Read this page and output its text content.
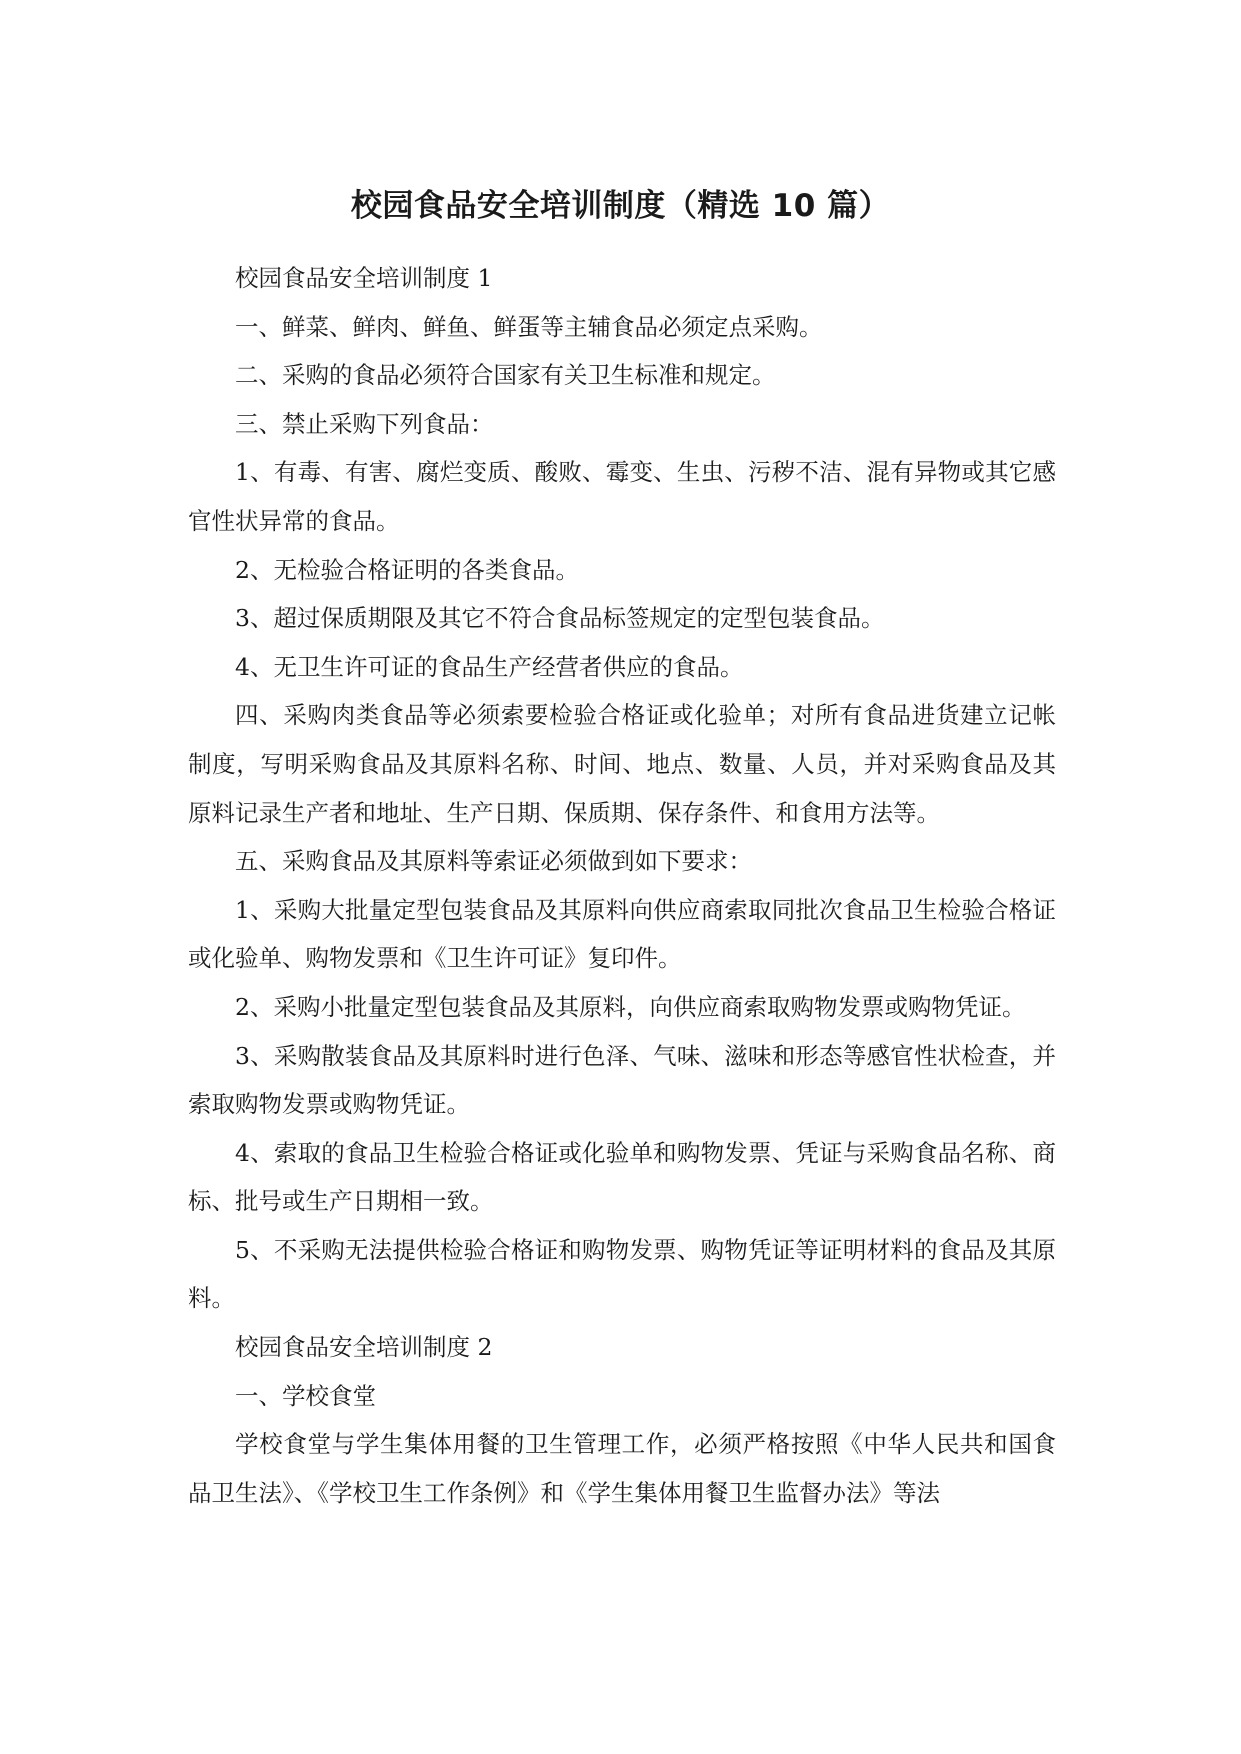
校园食品安全培训制度（精选 10 篇）

校园食品安全培训制度 1

一、鲜菜、鲜肉、鲜鱼、鲜蛋等主辅食品必须定点采购。

二、采购的食品必须符合国家有关卫生标准和规定。

三、禁止采购下列食品：

1、有毒、有害、腐烂变质、酸败、霉变、生虫、污秽不洁、混有异物或其它感官性状异常的食品。

2、无检验合格证明的各类食品。

3、超过保质期限及其它不符合食品标签规定的定型包装食品。

4、无卫生许可证的食品生产经营者供应的食品。

四、采购肉类食品等必须索要检验合格证或化验单；对所有食品进货建立记帐制度，写明采购食品及其原料名称、时间、地点、数量、人员，并对采购食品及其原料记录生产者和地址、生产日期、保质期、保存条件、和食用方法等。

五、采购食品及其原料等索证必须做到如下要求：

1、采购大批量定型包装食品及其原料向供应商索取同批次食品卫生检验合格证或化验单、购物发票和《卫生许可证》复印件。

2、采购小批量定型包装食品及其原料，向供应商索取购物发票或购物凭证。

3、采购散装食品及其原料时进行色泽、气味、滋味和形态等感官性状检查，并索取购物发票或购物凭证。

4、索取的食品卫生检验合格证或化验单和购物发票、凭证与采购食品名称、商标、批号或生产日期相一致。

5、不采购无法提供检验合格证和购物发票、购物凭证等证明材料的食品及其原料。

校园食品安全培训制度 2

一、学校食堂

学校食堂与学生集体用餐的卫生管理工作，必须严格按照《中华人民共和国食品卫生法》、《学校卫生工作条例》和《学生集体用餐卫生监督办法》等法
